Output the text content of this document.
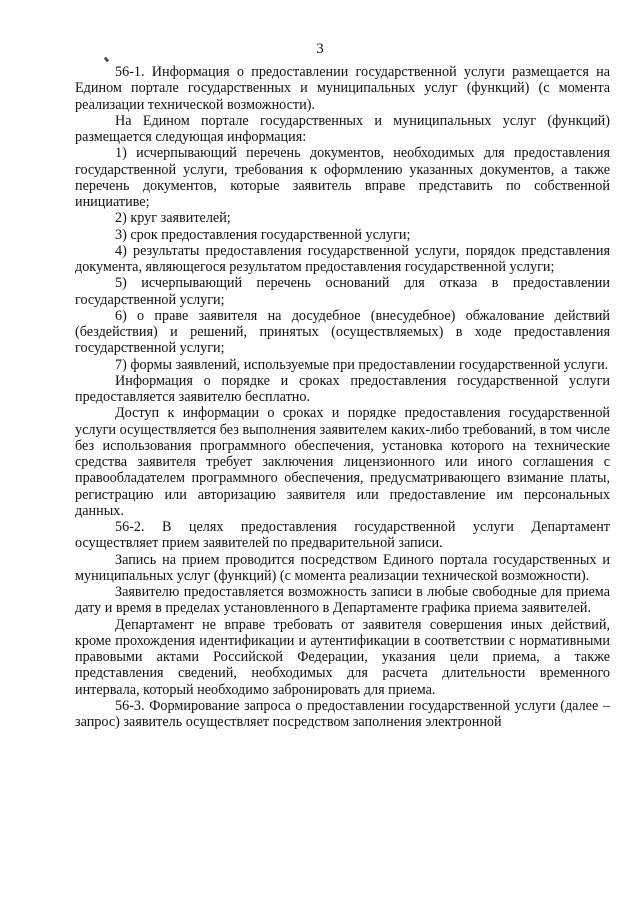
3

56-1. Информация о предоставлении государственной услуги размещается на Едином портале государственных и муниципальных услуг (функций) (с момента реализации технической возможности).

На Едином портале государственных и муниципальных услуг (функций) размещается следующая информация:

1) исчерпывающий перечень документов, необходимых для предоставления государственной услуги, требования к оформлению указанных документов, а также перечень документов, которые заявитель вправе представить по собственной инициативе;

2) круг заявителей;

3) срок предоставления государственной услуги;

4) результаты предоставления государственной услуги, порядок представления документа, являющегося результатом предоставления государственной услуги;

5) исчерпывающий перечень оснований для отказа в предоставлении государственной услуги;

6) о праве заявителя на досудебное (внесудебное) обжалование действий (бездействия) и решений, принятых (осуществляемых) в ходе предоставления государственной услуги;

7) формы заявлений, используемые при предоставлении государственной услуги.

Информация о порядке и сроках предоставления государственной услуги предоставляется заявителю бесплатно.

Доступ к информации о сроках и порядке предоставления государственной услуги осуществляется без выполнения заявителем каких-либо требований, в том числе без использования программного обеспечения, установка которого на технические средства заявителя требует заключения лицензионного или иного соглашения с правообладателем программного обеспечения, предусматривающего взимание платы, регистрацию или авторизацию заявителя или предоставление им персональных данных.

56-2. В целях предоставления государственной услуги Департамент осуществляет прием заявителей по предварительной записи.

Запись на прием проводится посредством Единого портала государственных и муниципальных услуг (функций) (с момента реализации технической возможности).

Заявителю предоставляется возможность записи в любые свободные для приема дату и время в пределах установленного в Департаменте графика приема заявителей.

Департамент не вправе требовать от заявителя совершения иных действий, кроме прохождения идентификации и аутентификации в соответствии с нормативными правовыми актами Российской Федерации, указания цели приема, а также представления сведений, необходимых для расчета длительности временного интервала, который необходимо забронировать для приема.

56-3. Формирование запроса о предоставлении государственной услуги (далее – запрос) заявитель осуществляет посредством заполнения электронной
